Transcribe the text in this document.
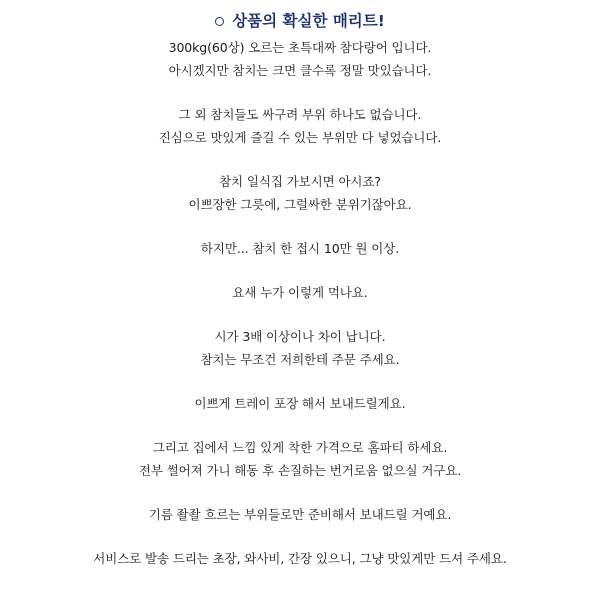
상품의 확실한 매리트!
300kg(60상) 오르는 초특대짜 참다랑어 입니다.
아시겠지만 참치는 크면 클수록 정말 맛있습니다.
그 외 참치들도 싸구려 부위 하나도 없습니다.
진심으로 맛있게 즐길 수 있는 부위만 다 넣었습니다.
참치 일식집 가보시면 아시죠?
이쁘장한 그릇에, 그럴싸한 분위기잖아요.
하지만... 참치 한 접시 10만 원 이상.
요새 누가 이렇게 먹나요.
시가 3배 이상이나 차이 납니다.
참치는 무조건 저희한테 주문 주세요.
이쁘게 트레이 포장 해서 보내드릴게요.
그리고 집에서 느낌 있게 착한 가격으로 홈파티 하세요.
전부 썰어져 가니 해동 후 손질하는 번거로움 없으실 거구요.
기름 좔좔 흐르는 부위들로만 준비해서 보내드릴 거예요.
서비스로 발송 드리는 초장, 와사비, 간장 있으니, 그냥 맛있게만 드셔 주세요.
